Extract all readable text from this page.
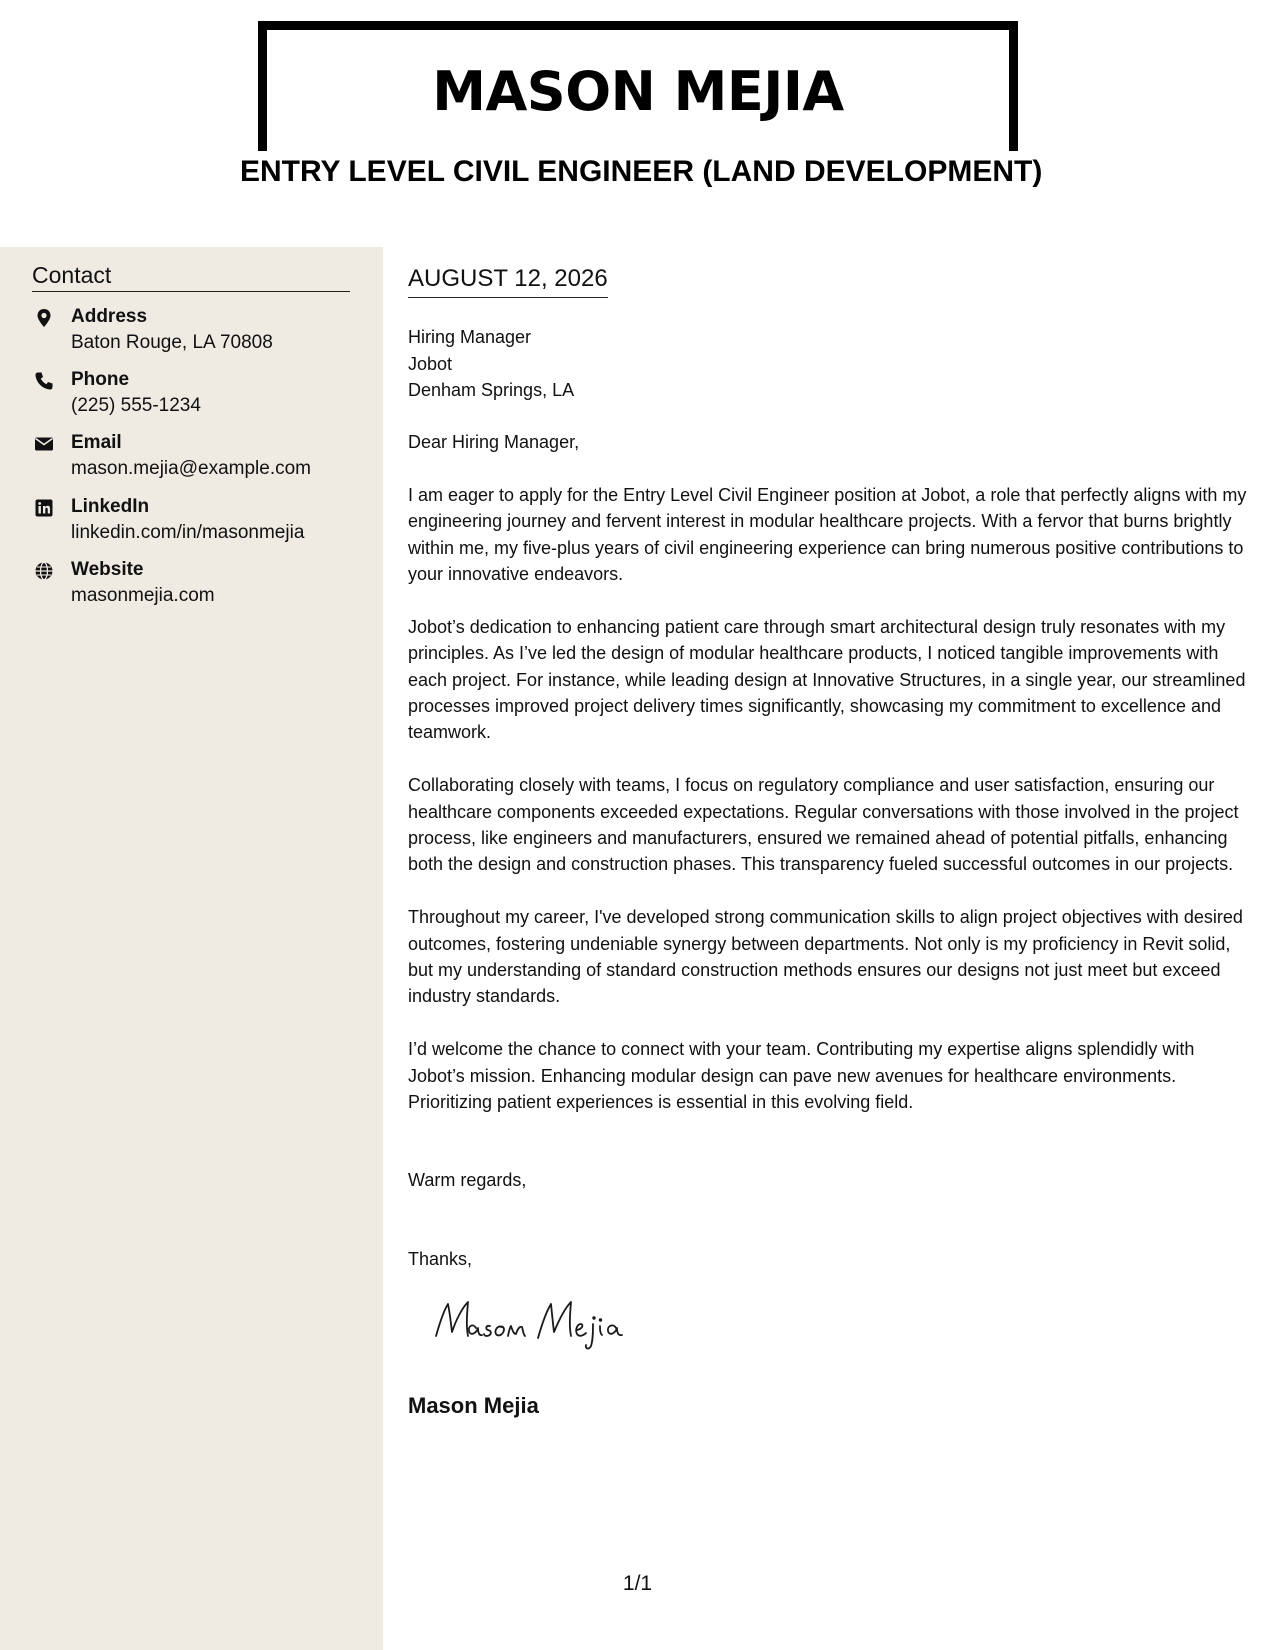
MASON MEJIA
ENTRY LEVEL CIVIL ENGINEER (LAND DEVELOPMENT)
Contact
Address
Baton Rouge, LA 70808
Phone
(225) 555-1234
Email
mason.mejia@example.com
LinkedIn
linkedin.com/in/masonmejia
Website
masonmejia.com
AUGUST 12, 2026
Hiring Manager
Jobot
Denham Springs, LA

Dear Hiring Manager,

I am eager to apply for the Entry Level Civil Engineer position at Jobot, a role that perfectly aligns with my engineering journey and fervent interest in modular healthcare projects. With a fervor that burns brightly within me, my five-plus years of civil engineering experience can bring numerous positive contributions to your innovative endeavors.

Jobot’s dedication to enhancing patient care through smart architectural design truly resonates with my principles. As I’ve led the design of modular healthcare products, I noticed tangible improvements with each project. For instance, while leading design at Innovative Structures, in a single year, our streamlined processes improved project delivery times significantly, showcasing my commitment to excellence and teamwork.

Collaborating closely with teams, I focus on regulatory compliance and user satisfaction, ensuring our healthcare components exceeded expectations. Regular conversations with those involved in the project process, like engineers and manufacturers, ensured we remained ahead of potential pitfalls, enhancing both the design and construction phases. This transparency fueled successful outcomes in our projects.

Throughout my career, I've developed strong communication skills to align project objectives with desired outcomes, fostering undeniable synergy between departments. Not only is my proficiency in Revit solid, but my understanding of standard construction methods ensures our designs not just meet but exceed industry standards.

I’d welcome the chance to connect with your team. Contributing my expertise aligns splendidly with Jobot’s mission. Enhancing modular design can pave new avenues for healthcare environments. Prioritizing patient experiences is essential in this evolving field.

Warm regards,
Thanks,
Mason Mejia
1/1
